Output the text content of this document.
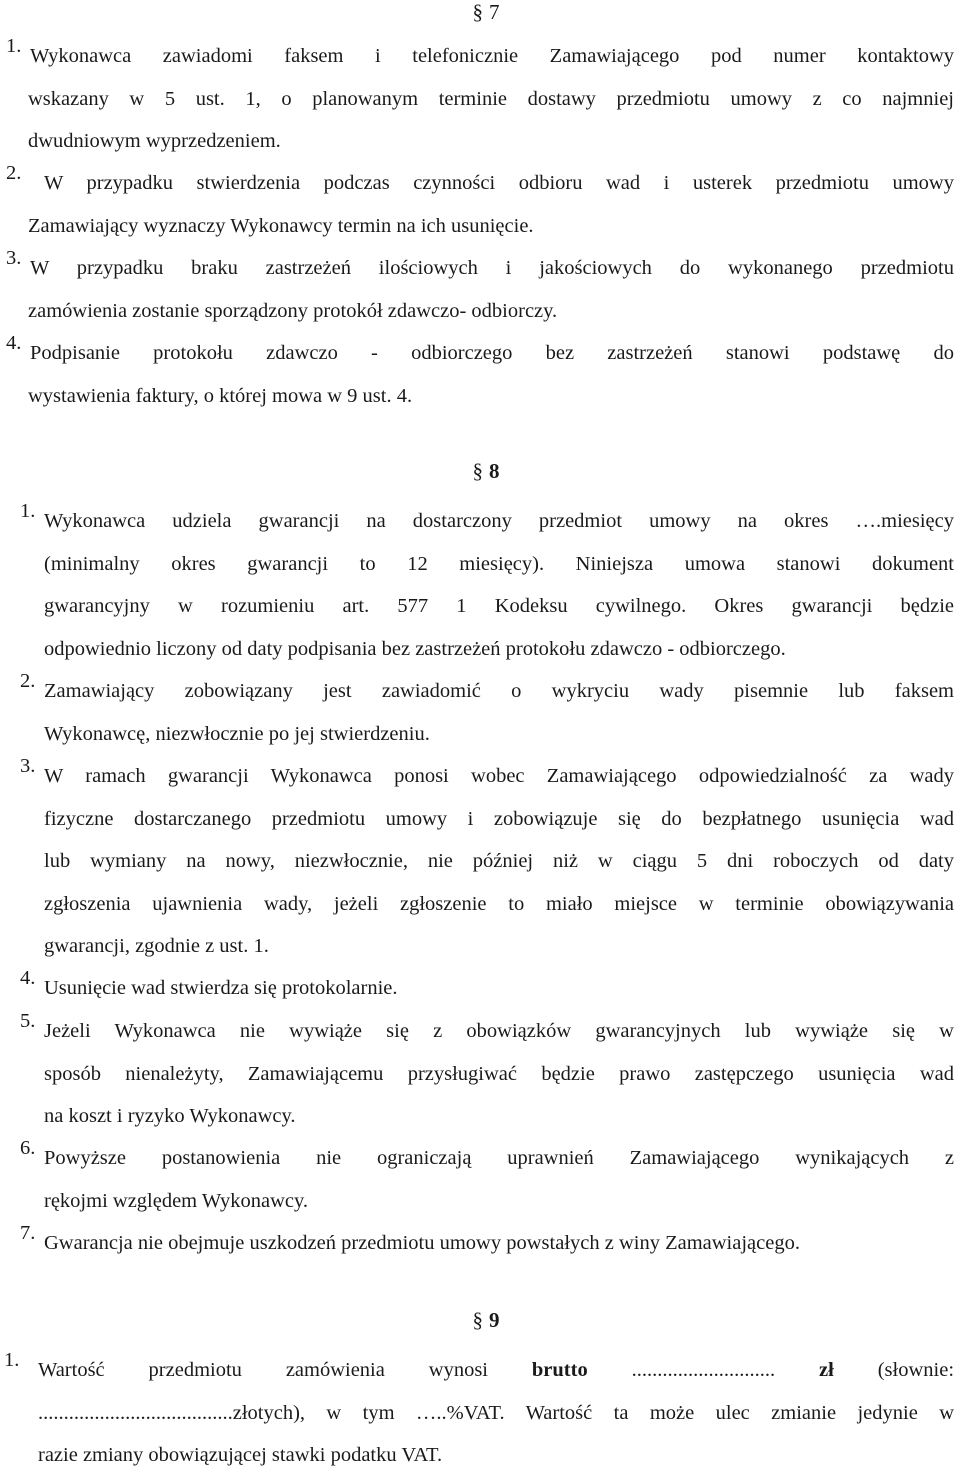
§ 7
1. Wykonawca zawiadomi faksem i telefonicznie Zamawiającego pod numer kontaktowy
wskazany w 5 ust. 1, o planowanym terminie dostawy przedmiotu umowy z co najmniej
dwudniowym wyprzedzeniem.
2.	W przypadku stwierdzenia podczas czynności odbioru wad i usterek przedmiotu umowy
Zamawiający wyznaczy Wykonawcy termin na ich usunięcie.
3. W przypadku braku zastrzeżeń ilościowych i jakościowych do wykonanego przedmiotu
zamówienia zostanie sporządzony protokół zdawczo- odbiorczy.
4. Podpisanie protokołu zdawczo - odbiorczego bez zastrzeżeń stanowi podstawę do
wystawienia faktury, o której mowa w 9 ust. 4.
§ 8
1. Wykonawca udziela gwarancji na dostarczony przedmiot umowy na okres ….miesięcy
(minimalny okres gwarancji to 12 miesięcy). Niniejsza umowa stanowi dokument
gwarancyjny w rozumieniu art. 577 1 Kodeksu cywilnego. Okres gwarancji będzie
odpowiednio liczony od daty podpisania bez zastrzeżeń protokołu zdawczo - odbiorczego.
2. Zamawiający zobowiązany jest zawiadomić o wykryciu wady pisemnie lub faksem
Wykonawcę, niezwłocznie po jej stwierdzeniu.
3. W ramach gwarancji Wykonawca ponosi wobec Zamawiającego odpowiedzialność za wady
fizyczne dostarczanego przedmiotu umowy i zobowiązuje się do bezpłatnego usunięcia wad
lub wymiany na nowy, niezwłocznie, nie później niż w ciągu 5 dni roboczych od daty
zgłoszenia ujawnienia wady, jeżeli zgłoszenie to miało miejsce w terminie obowiązywania
gwarancji, zgodnie z ust. 1.
4. Usunięcie wad stwierdza się protokolarnie.
5. Jeżeli Wykonawca nie wywiąże się z obowiązków gwarancyjnych lub wywiąże się w
sposób nienależyty, Zamawiającemu przysługiwać będzie prawo zastępczego usunięcia wad
na koszt i ryzyko Wykonawcy.
6. Powyższe postanowienia nie ograniczają uprawnień Zamawiającego wynikających z
rękojmi względem Wykonawcy.
7. Gwarancja nie obejmuje uszkodzeń przedmiotu umowy powstałych z winy Zamawiającego.
§ 9
1. Wartość przedmiotu zamówienia wynosi brutto ............................ zł (słownie:
......................................złotych), w tym …..%VAT. Wartość ta może ulec zmianie jedynie w
razie zmiany obowiązującej stawki podatku VAT.
